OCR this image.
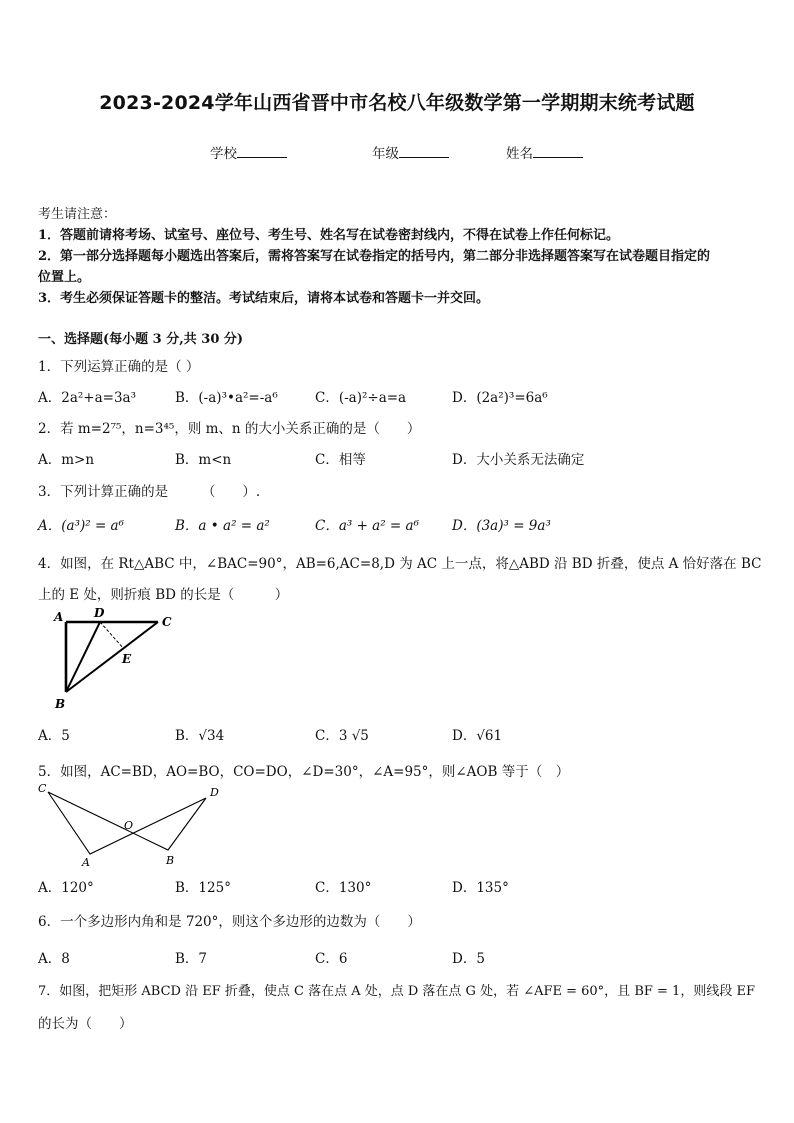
2023-2024学年山西省晋中市名校八年级数学第一学期期末统考试题
学校	年级	姓名
考生请注意：
1．答题前请将考场、试室号、座位号、考生号、姓名写在试卷密封线内，不得在试卷上作任何标记。
2．第一部分选择题每小题选出答案后，需将答案写在试卷指定的括号内，第二部分非选择题答案写在试卷题目指定的
位置上。
3．考生必须保证答题卡的整洁。考试结束后，请将本试卷和答题卡一并交回。
一、选择题(每小题 3 分,共 30 分)
1．下列运算正确的是（ ）
A．2a²+a=3a³	B．(-a)³•a²=-a⁶	C．(-a)²÷a=a	D．(2a²)³=6a⁶
2．若 m=2⁷⁵，n=3⁴⁵，则 m、n 的大小关系正确的是（　　）
A．m>n	B．m<n	C．相等	D．大小关系无法确定
3．下列计算正确的是　　　（　　）.
A．(a³)² = a⁶	B．a • a² = a²	C．a³ + a² = a⁶ D．(3a)³ = 9a³
4．如图，在 Rt△ABC 中，∠BAC=90°，AB=6,AC=8,D 为 AC 上一点，将△ABD 沿 BD 折叠，使点 A 恰好落在 BC
上的 E 处，则折痕 BD 的长是（　　　）
A	D
C
E
B
A．5	B．√34	C．3 √5	D．√61
5．如图，AC=BD，AO=BO，CO=DO，∠D=30°，∠A=95°，则∠AOB 等于（　）
C	D
O
A	B
A．120°	B．125°	C．130°	D．135°
6．一个多边形内角和是 720°，则这个多边形的边数为（　　）
A．8	B．7	C．6	D．5
7．如图，把矩形 ABCD 沿 EF 折叠，使点 C 落在点 A 处，点 D 落在点 G 处，若 ∠AFE = 60°，且 BF = 1，则线段 EF
的长为（　　）
